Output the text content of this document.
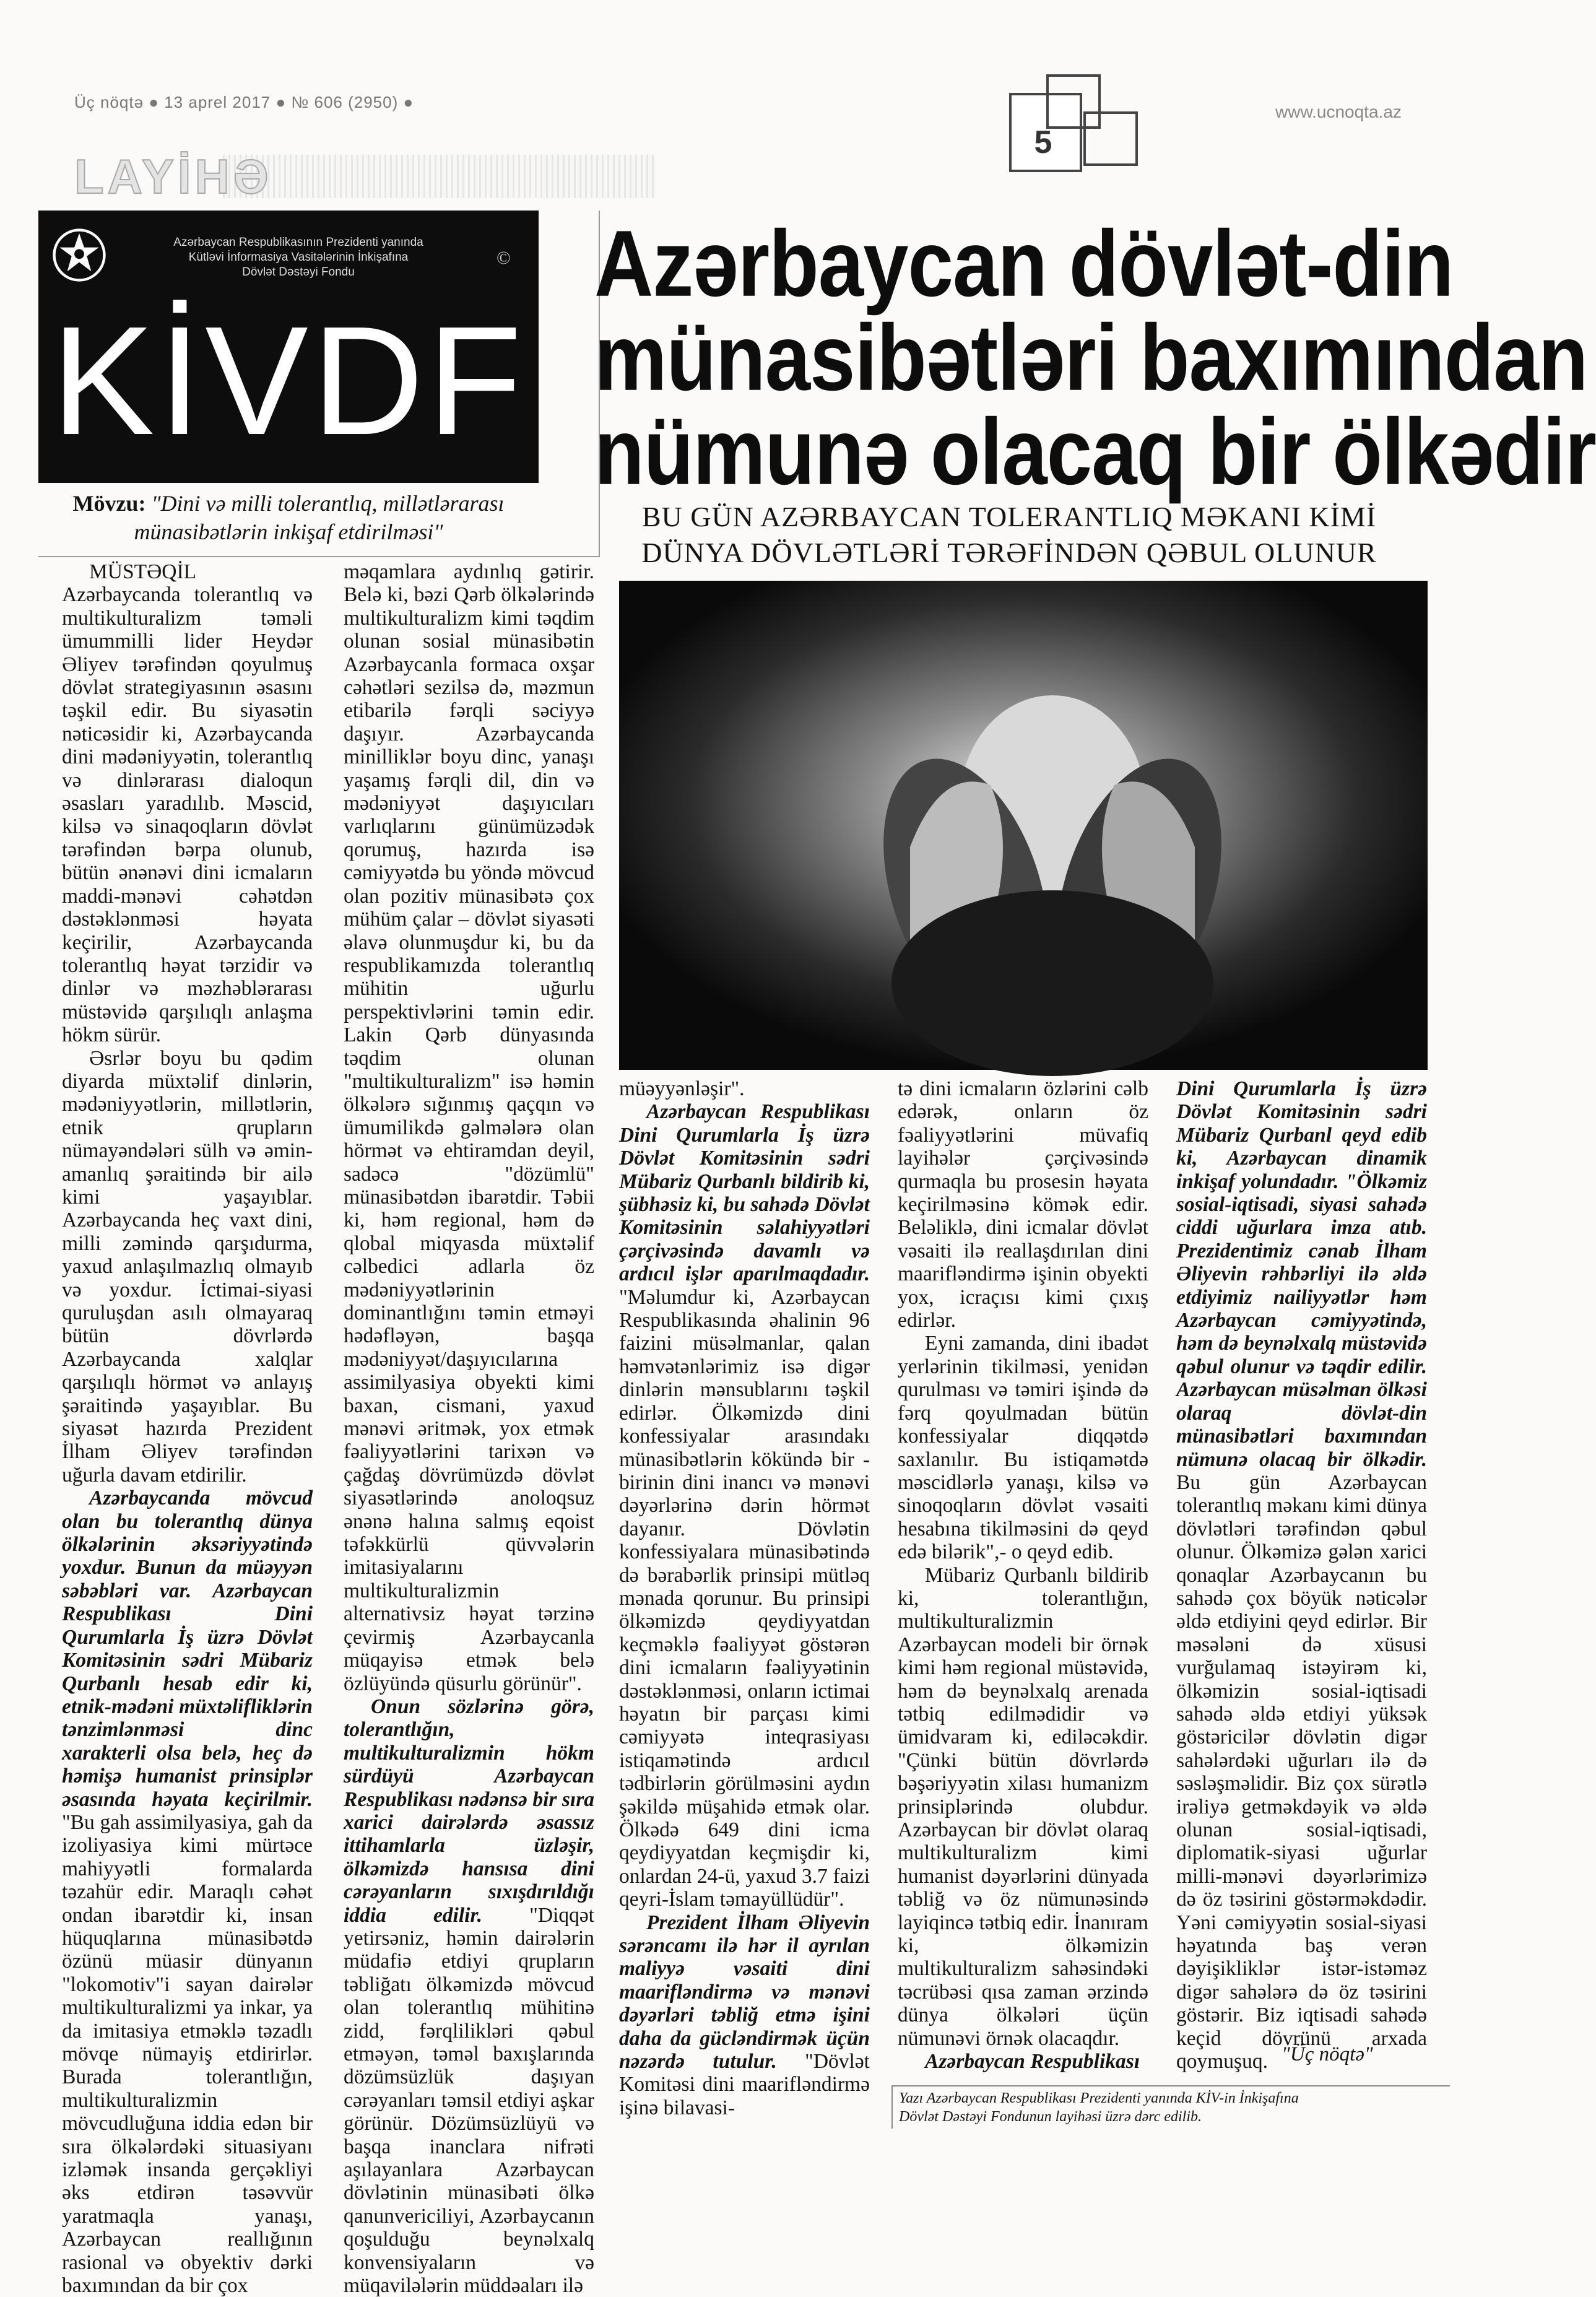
Üç nöqtə ● 13 aprel 2017 ● № 606 (2950) ●	www.ucnoqta.az
5
LAYİHƏ
Azərbaycan Respublikasının Prezidenti yanında
Kütləvi İnformasiya Vasitələrinin İnkişafına
Dövlət Dəstəyi Fondu
©
KİVDF
Mövzu: "Dini və milli tolerantlıq, millətlərarası münasibətlərin inkişaf etdirilməsi"
Azərbaycan dövlət-din
münasibətləri baxımından
nümunə olacaq bir ölkədir
BU GÜN AZƏRBAYCAN TOLERANTLIQ MƏKANI KİMİ
DÜNYA DÖVLƏTLƏRİ TƏRƏFİNDƏN QƏBUL OLUNUR

MÜSTƏQİL Azərbaycanda tolerantlıq və multikulturalizm təməli ümummilli lider Heydər Əliyev tərəfindən qoyulmuş dövlət strategiyasının əsasını təşkil edir. Bu siyasətin nəticəsidir ki, Azərbaycanda dini mədəniyyətin, tolerantlıq və dinlərarası dialoqun əsasları yaradılıb. Məscid, kilsə və sinaqoqların dövlət tərəfindən bərpa olunub, bütün ənənəvi dini icmaların maddi-mənəvi cəhətdən dəstəklənməsi həyata keçirilir, Azərbaycanda tolerantlıq həyat tərzidir və dinlər və məzhəblərarası müstəvidə qarşılıqlı anlaşma hökm sürür.

Əsrlər boyu bu qədim diyarda müxtəlif dinlərin, mədəniyyətlərin, millətlərin, etnik qrupların nümayəndələri sülh və əmin-amanlıq şəraitində bir ailə kimi yaşayıblar. Azərbaycanda heç vaxt dini, milli zəmində qarşıdurma, yaxud anlaşılmazlıq olmayıb və yoxdur. İctimai-siyasi quruluşdan asılı olmayaraq bütün dövrlərdə Azərbaycanda xalqlar qarşılıqlı hörmət və anlayış şəraitində yaşayıblar. Bu siyasət hazırda Prezident İlham Əliyev tərəfindən uğurla davam etdirilir.

Azərbaycanda mövcud olan bu tolerantlıq dünya ölkələrinin əksəriyyətində yoxdur. Bunun da müəyyən səbəbləri var. Azərbaycan Respublikası Dini Qurumlarla İş üzrə Dövlət Komitəsinin sədri Mübariz Qurbanlı hesab edir ki, etnik-mədəni müxtəlifliklərin tənzimlənməsi dinc xarakterli olsa belə, heç də həmişə humanist prinsiplər əsasında həyata keçirilmir. "Bu gah assimilyasiya, gah da izoliyasiya kimi mürtəce mahiyyətli formalarda təzahür edir. Maraqlı cəhət ondan ibarətdir ki, insan hüquqlarına münasibətdə özünü müasir dünyanın "lokomotiv"i sayan dairələr multikulturalizmi ya inkar, ya da imitasiya etməklə təzadlı mövqe nümayiş etdirirlər. Burada tolerantlığın, multikulturalizmin mövcudluğuna iddia edən bir sıra ölkələrdəki situasiyanı izləmək insanda gerçəkliyi əks etdirən təsəvvür yaratmaqla yanaşı, Azərbaycan reallığının rasional və obyektiv dərki baxımından da bir çox

məqamlara aydınlıq gətirir. Belə ki, bəzi Qərb ölkələrində multikulturalizm kimi təqdim olunan sosial münasibətin Azərbaycanla formaca oxşar cəhətləri sezilsə də, məzmun etibarilə fərqli səciyyə daşıyır. Azərbaycanda minilliklər boyu dinc, yanaşı yaşamış fərqli dil, din və mədəniyyət daşıyıcıları varlıqlarını günümüzədək qorumuş, hazırda isə cəmiyyətdə bu yöndə mövcud olan pozitiv münasibətə çox mühüm çalar – dövlət siyasəti əlavə olunmuşdur ki, bu da respublikamızda tolerantlıq mühitin uğurlu perspektivlərini təmin edir. Lakin Qərb dünyasında təqdim olunan "multikulturalizm" isə həmin ölkələrə sığınmış qaçqın və ümumilikdə gəlmələrə olan hörmət və ehtiramdan deyil, sadəcə "dözümlü" münasibətdən ibarətdir. Təbii ki, həm regional, həm də qlobal miqyasda müxtəlif cəlbedici adlarla öz mədəniyyətlərinin dominantlığını təmin etməyi hədəfləyən, başqa mədəniyyət/daşıyıcılarına assimilyasiya obyekti kimi baxan, cismani, yaxud mənəvi əritmək, yox etmək fəaliyyətlərini tarixən və çağdaş dövrümüzdə dövlət siyasətlərində anoloqsuz ənənə halına salmış eqoist təfəkkürlü qüvvələrin imitasiyalarını multikulturalizmin alternativsiz həyat tərzinə çevirmiş Azərbaycanla müqayisə etmək belə özlüyündə qüsurlu görünür".

Onun sözlərinə görə, tolerantlığın, multikulturalizmin hökm sürdüyü Azərbaycan Respublikası nədənsə bir sıra xarici dairələrdə əsassız ittihamlarla üzləşir, ölkəmizdə hansısa dini cərəyanların sıxışdırıldığı iddia edilir. "Diqqət yetirsəniz, həmin dairələrin müdafiə etdiyi qrupların təbliğatı ölkəmizdə mövcud olan tolerantlıq mühitinə zidd, fərqlilikləri qəbul etməyən, təməl baxışlarında dözümsüzlük daşıyan cərəyanları təmsil etdiyi aşkar görünür. Dözümsüzlüyü və başqa inanclara nifrəti aşılayanlara Azərbaycan dövlətinin münasibəti ölkə qanunvericiliyi, Azərbaycanın qoşulduğu beynəlxalq konvensiyaların və müqavilələrin müddəaları ilə

müəyyənləşir".

Azərbaycan Respublikası Dini Qurumlarla İş üzrə Dövlət Komitəsinin sədri Mübariz Qurbanlı bildirib ki, şübhəsiz ki, bu sahədə Dövlət Komitəsinin səlahiyyətləri çərçivəsində davamlı və ardıcıl işlər aparılmaqdadır. "Məlumdur ki, Azərbaycan Respublikasında əhalinin 96 faizini müsəlmanlar, qalan həmvətənlərimiz isə digər dinlərin mənsublarını təşkil edirlər. Ölkəmizdə dini konfessiyalar arasındakı münasibətlərin kökündə bir - birinin dini inancı və mənəvi dəyərlərinə dərin hörmət dayanır. Dövlətin konfessiyalara münasibətində də bərabərlik prinsipi mütləq mənada qorunur. Bu prinsipi ölkəmizdə qeydiyyatdan keçməklə fəaliyyət göstərən dini icmaların fəaliyyətinin dəstəklənməsi, onların ictimai həyatın bir parçası kimi cəmiyyətə inteqrasiyası istiqamətində ardıcıl tədbirlərin görülməsini aydın şəkildə müşahidə etmək olar. Ölkədə 649 dini icma qeydiyyatdan keçmişdir ki, onlardan 24-ü, yaxud 3.7 faizi qeyri-İslam təmayüllüdür".

Prezident İlham Əliyevin sərəncamı ilə hər il ayrılan maliyyə vəsaiti dini maarifləndirmə və mənəvi dəyərləri təbliğ etmə işini daha da gücləndirmək üçün nəzərdə tutulur. "Dövlət Komitəsi dini maarifləndirmə işinə bilavasi-

tə dini icmaların özlərini cəlb edərək, onların öz fəaliyyətlərini müvafiq layihələr çərçivəsində qurmaqla bu prosesin həyata keçirilməsinə kömək edir. Beləliklə, dini icmalar dövlət vəsaiti ilə reallaşdırılan dini maarifləndirmə işinin obyekti yox, icraçısı kimi çıxış edirlər.

Eyni zamanda, dini ibadət yerlərinin tikilməsi, yenidən qurulması və təmiri işində də fərq qoyulmadan bütün konfessiyalar diqqətdə saxlanılır. Bu istiqamətdə məscidlərlə yanaşı, kilsə və sinoqoqların dövlət vəsaiti hesabına tikilməsini də qeyd edə bilərik",- o qeyd edib.

Mübariz Qurbanlı bildirib ki, tolerantlığın, multikulturalizmin Azərbaycan modeli bir örnək kimi həm regional müstəvidə, həm də beynəlxalq arenada tətbiq edilmədidir və ümidvaram ki, ediləcəkdir. "Çünki bütün dövrlərdə bəşəriyyətin xilası humanizm prinsiplərində olubdur. Azərbaycan bir dövlət olaraq multikulturalizm kimi humanist dəyərlərini dünyada təbliğ və öz nümunəsində layiqincə tətbiq edir. İnanıram ki, ölkəmizin multikulturalizm sahəsindəki təcrübəsi qısa zaman ərzində dünya ölkələri üçün nümunəvi örnək olacaqdır.

Azərbaycan Respublikası

Dini Qurumlarla İş üzrə Dövlət Komitəsinin sədri Mübariz Qurbanl qeyd edib ki, Azərbaycan dinamik inkişaf yolundadır. "Ölkəmiz sosial-iqtisadi, siyasi sahədə ciddi uğurlara imza atıb. Prezidentimiz cənab İlham Əliyevin rəhbərliyi ilə əldə etdiyimiz nailiyyətlər həm Azərbaycan cəmiyyətində, həm də beynəlxalq müstəvidə qəbul olunur və təqdir edilir. Azərbaycan müsəlman ölkəsi olaraq dövlət-din münasibətləri baxımından nümunə olacaq bir ölkədir. Bu gün Azərbaycan tolerantlıq məkanı kimi dünya dövlətləri tərəfindən qəbul olunur. Ölkəmizə gələn xarici qonaqlar Azərbaycanın bu sahədə çox böyük nəticələr əldə etdiyini qeyd edirlər. Bir məsələni də xüsusi vurğulamaq istəyirəm ki, ölkəmizin sosial-iqtisadi sahədə əldə etdiyi yüksək göstəricilər dövlətin digər sahələrdəki uğurları ilə də səsləşməlidir. Biz çox sürətlə irəliyə getməkdəyik və əldə olunan sosial-iqtisadi, diplomatik-siyasi uğurlar milli-mənəvi dəyərlərimizə də öz təsirini göstərməkdədir. Yəni cəmiyyətin sosial-siyasi həyatında baş verən dəyişikliklər istər-istəməz digər sahələrə də öz təsirini göstərir. Biz iqtisadi sahədə keçid dövrünü arxada qoymuşuq. "Üç nöqtə"
Yazı Azərbaycan Respublikası Prezidenti yanında KİV-in İnkişafına
Dövlət Dəstəyi Fondunun layihəsi üzrə dərc edilib.
